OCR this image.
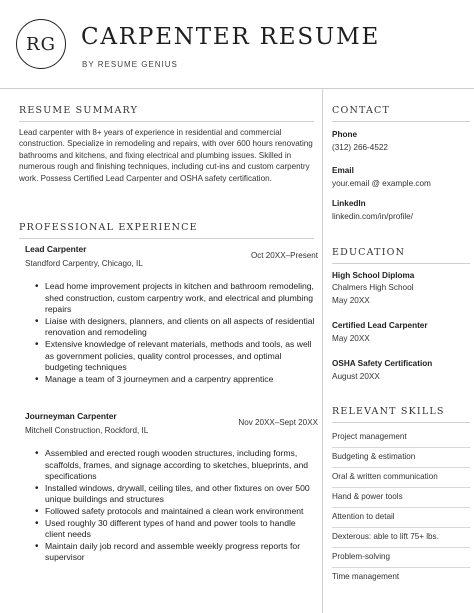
RG CARPENTER RESUME
BY RESUME GENIUS
RESUME SUMMARY
Lead carpenter with 8+ years of experience in residential and commercial construction. Specialize in remodeling and repairs, with over 600 hours renovating bathrooms and kitchens, and fixing electrical and plumbing issues. Skilled in numerous rough and finishing techniques, including cut-ins and custom carpentry work. Possess Certified Lead Carpenter and OSHA safety certification.
PROFESSIONAL EXPERIENCE
Lead Carpenter
Oct 20XX–Present
Standford Carpentry, Chicago, IL
• Lead home improvement projects in kitchen and bathroom remodeling, shed construction, custom carpentry work, and electrical and plumbing repairs
• Liaise with designers, planners, and clients on all aspects of residential renovation and remodeling
• Extensive knowledge of relevant materials, methods and tools, as well as government policies, quality control processes, and optimal budgeting techniques
• Manage a team of 3 journeymen and a carpentry apprentice
Journeyman Carpenter
Nov 20XX–Sept 20XX
Mitchell Construction, Rockford, IL
• Assembled and erected rough wooden structures, including forms, scaffolds, frames, and signage according to sketches, blueprints, and specifications
• Installed windows, drywall, ceiling tiles, and other fixtures on over 500 unique buildings and structures
• Followed safety protocols and maintained a clean work environment
• Used roughly 30 different types of hand and power tools to handle client needs
• Maintain daily job record and assemble weekly progress reports for supervisor
CONTACT
Phone
(312) 266-4522
Email
your.email @ example.com
LinkedIn
linkedin.com/in/profile/
EDUCATION
High School Diploma
Chalmers High School
May 20XX
Certified Lead Carpenter
May 20XX
OSHA Safety Certification
August 20XX
RELEVANT SKILLS
Project management
Budgeting & estimation
Oral & written communication
Hand & power tools
Attention to detail
Dexterous: able to lift 75+ lbs.
Problem-solving
Time management
